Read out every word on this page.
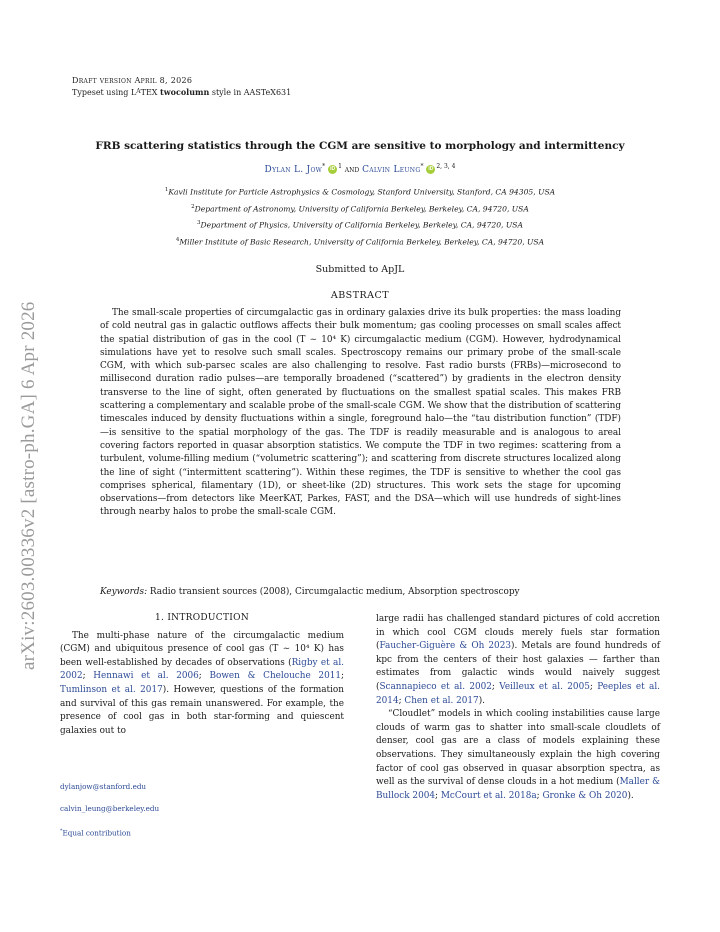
arXiv:2603.00336v2 [astro-ph.GA] 6 Apr 2026
Draft version April 8, 2026
Typeset using $L^ATEX$ twocolumn style in AASTeX631
FRB scattering statistics through the CGM are sensitive to morphology and intermittency
Dylan L. Jow* iD $^1$ and Calvin Leung* iD $^{2, 3, 4}$
$^1$Kavli Institute for Particle Astrophysics & Cosmology, Stanford University, Stanford, CA 94305, USA
$^2$Department of Astronomy, University of California Berkeley, Berkeley, CA, 94720, USA
$^3$Department of Physics, University of California Berkeley, Berkeley, CA, 94720, USA
$^4$Miller Institute of Basic Research, University of California Berkeley, Berkeley, CA, 94720, USA
Submitted to ApJL
ABSTRACT

The small-scale properties of circumgalactic gas in ordinary galaxies drive its bulk properties: the mass loading of cold neutral gas in galactic outflows affects their bulk momentum; gas cooling processes on small scales affect the spatial distribution of gas in the cool (T ∼ 10⁴ K) circumgalactic medium (CGM). However, hydrodynamical simulations have yet to resolve such small scales. Spectroscopy remains our primary probe of the small-scale CGM, with which sub-parsec scales are also challenging to resolve. Fast radio bursts (FRBs)—microsecond to millisecond duration radio pulses—are temporally broadened (“scattered”) by gradients in the electron density transverse to the line of sight, often generated by fluctuations on the smallest spatial scales. This makes FRB scattering a complementary and scalable probe of the small-scale CGM. We show that the distribution of scattering timescales induced by density fluctuations within a single, foreground halo—the “tau distribution function” (TDF)—is sensitive to the spatial morphology of the gas. The TDF is readily measurable and is analogous to areal covering factors reported in quasar absorption statistics. We compute the TDF in two regimes: scattering from a turbulent, volume-filling medium (“volumetric scattering”); and scattering from discrete structures localized along the line of sight (“intermittent scattering”). Within these regimes, the TDF is sensitive to whether the cool gas comprises spherical, filamentary (1D), or sheet-like (2D) structures. This work sets the stage for upcoming observations—from detectors like MeerKAT, Parkes, FAST, and the DSA—which will use hundreds of sight-lines through nearby halos to probe the small-scale CGM.

Keywords: Radio transient sources (2008), Circumgalactic medium, Absorption spectroscopy
1. INTRODUCTION

The multi-phase nature of the circumgalactic medium (CGM) and ubiquitous presence of cool gas (T ∼ 10⁴ K) has been well-established by decades of observations (Rigby et al. 2002; Hennawi et al. 2006; Bowen & Chelouche 2011; Tumlinson et al. 2017). However, questions of the formation and survival of this gas remain unanswered. For example, the presence of cool gas in both star-forming and quiescent galaxies out to

large radii has challenged standard pictures of cold accretion in which cool CGM clouds merely fuels star formation (Faucher-Giguère & Oh 2023). Metals are found hundreds of kpc from the centers of their host galaxies — farther than estimates from galactic winds would naively suggest (Scannapieco et al. 2002; Veilleux et al. 2005; Peeples et al. 2014; Chen et al. 2017).

“Cloudlet” models in which cooling instabilities cause large clouds of warm gas to shatter into small-scale cloudlets of denser, cool gas are a class of models explaining these observations. They simultaneously explain the high covering factor of cool gas observed in quasar absorption spectra, as well as the survival of dense clouds in a hot medium (Maller & Bullock 2004; McCourt et al. 2018a; Gronke & Oh 2020).

dylanjow@stanford.edu
calvin_leung@berkeley.edu
*Equal contribution
